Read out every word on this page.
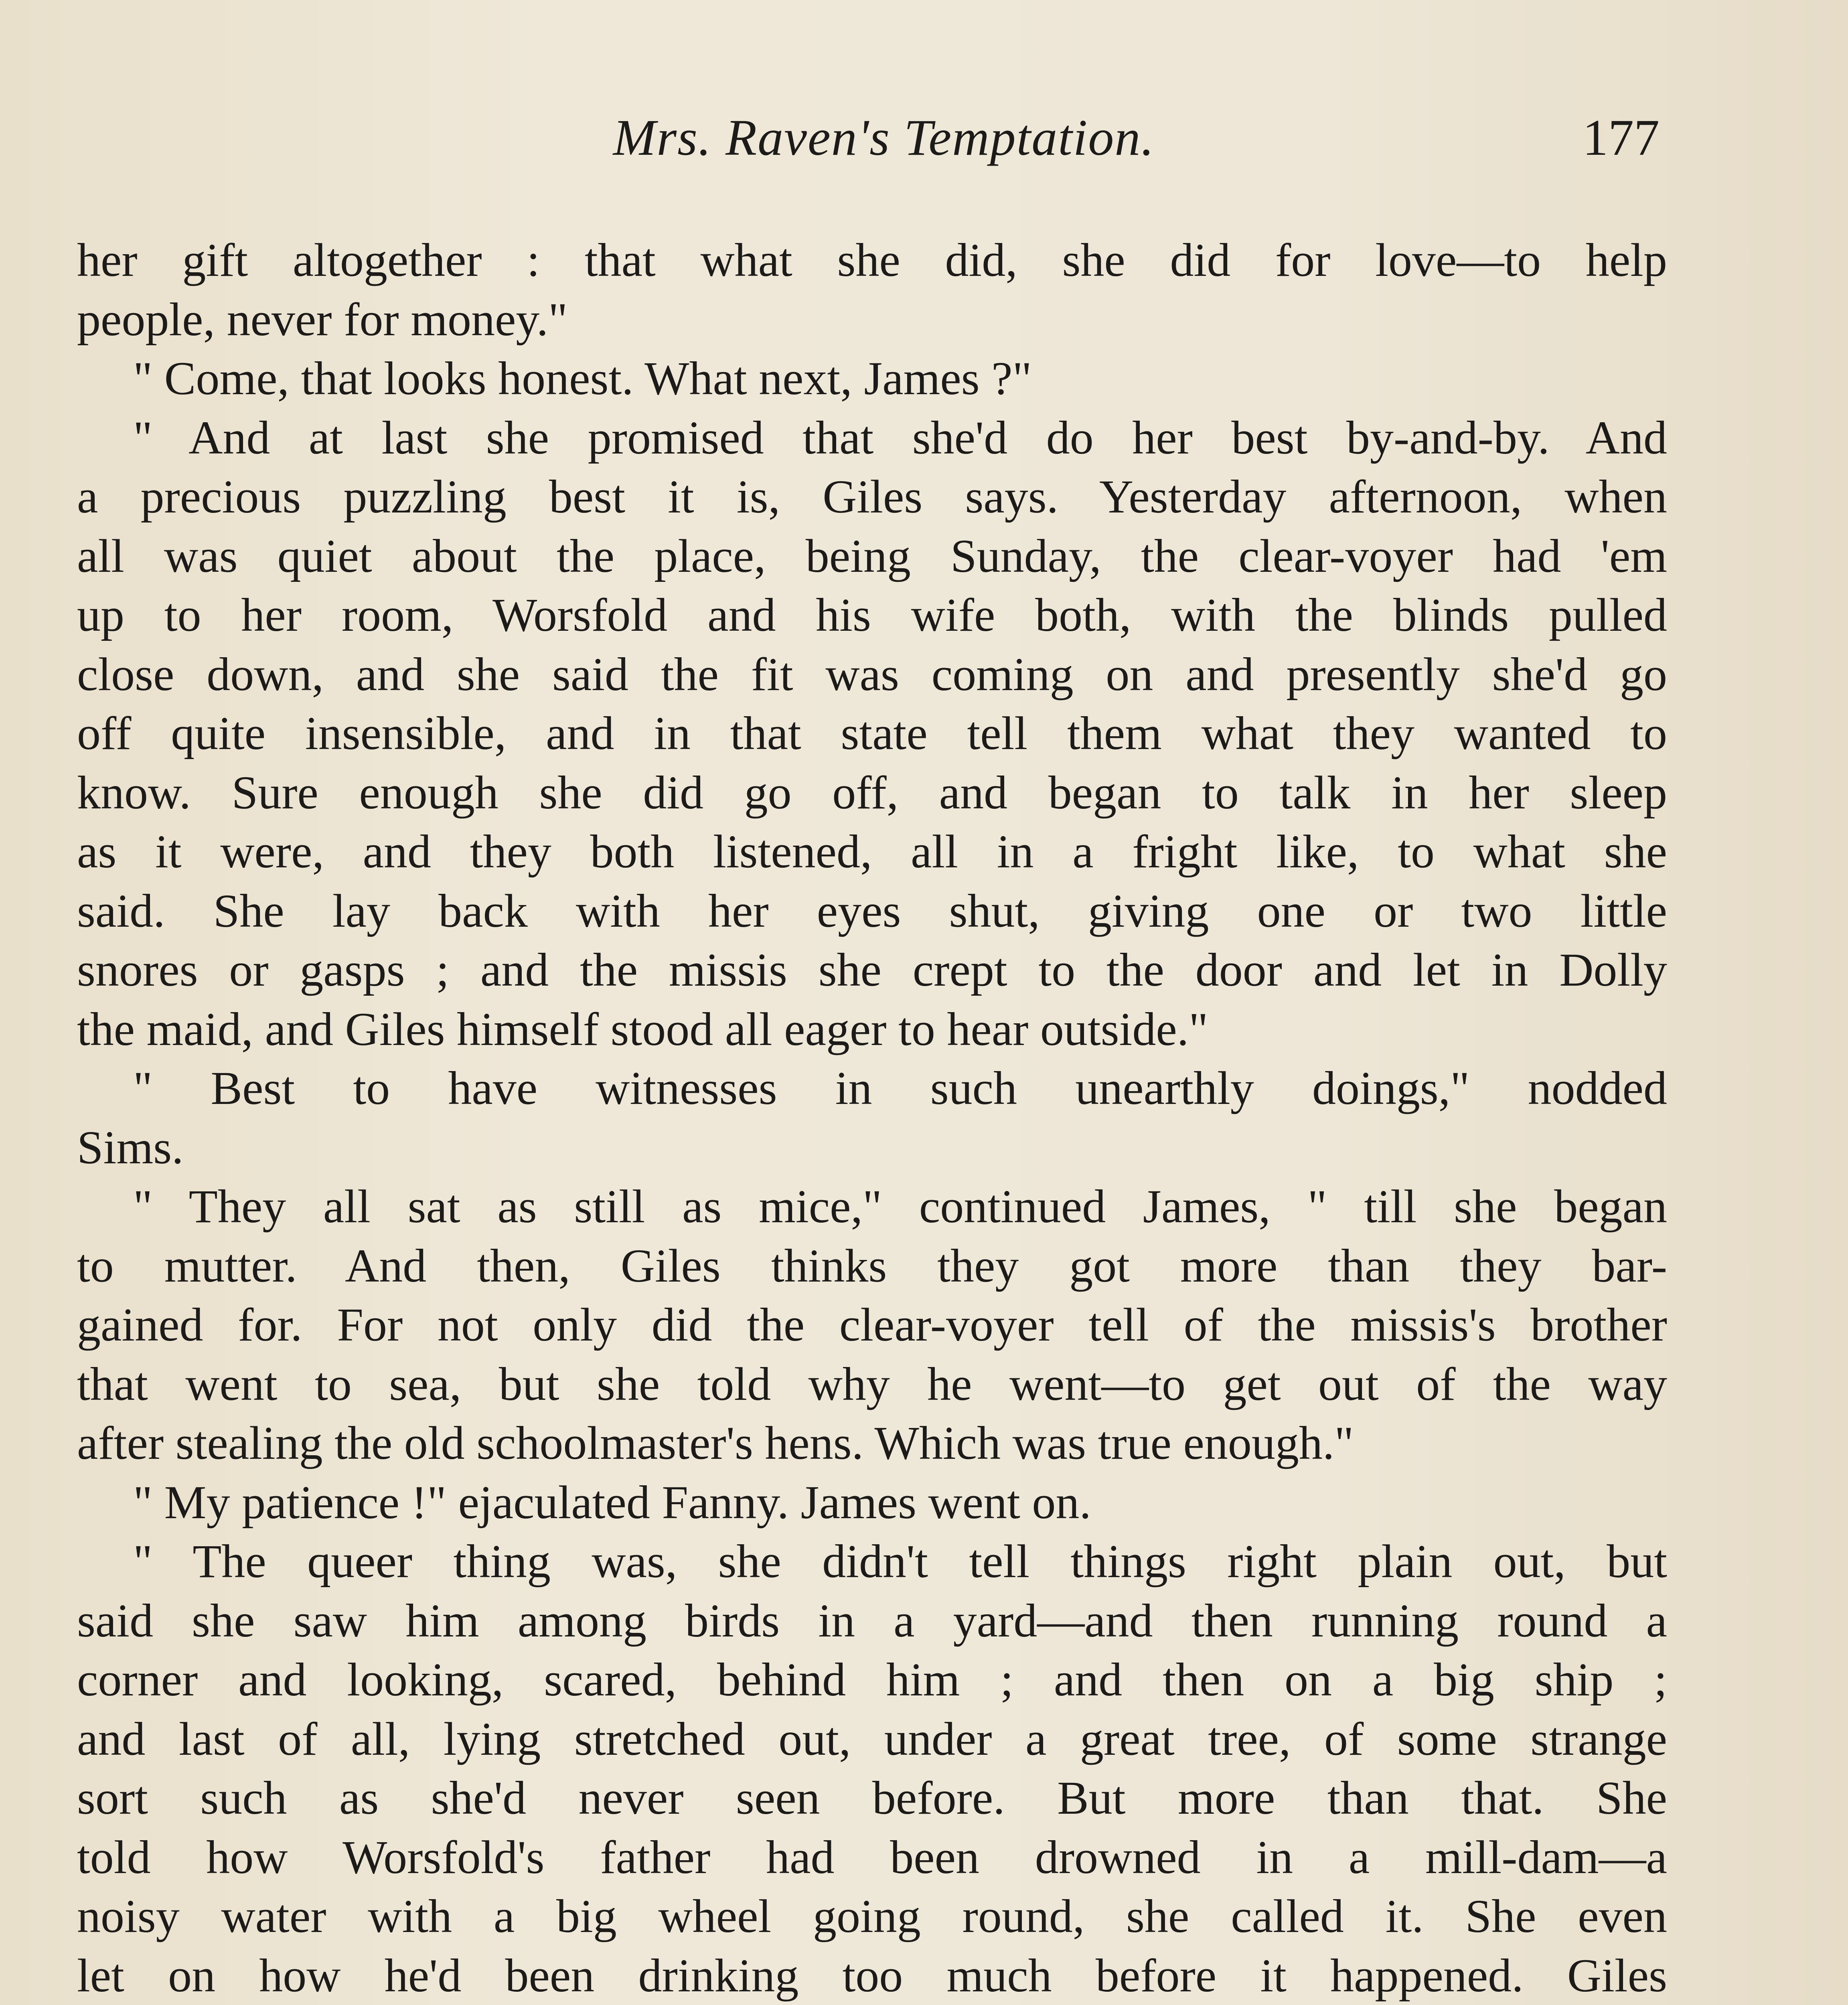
Mrs. Raven's Temptation.	177
her gift altogether : that what she did, she did for love—to help
people, never for money."
" Come, that looks honest. What next, James ?"
" And at last she promised that she'd do her best by-and-by. And
a precious puzzling best it is, Giles says. Yesterday afternoon, when
all was quiet about the place, being Sunday, the clear-voyer had 'em
up to her room, Worsfold and his wife both, with the blinds pulled
close down, and she said the fit was coming on and presently she'd go
off quite insensible, and in that state tell them what they wanted to
know. Sure enough she did go off, and began to talk in her sleep
as it were, and they both listened, all in a fright like, to what she
said. She lay back with her eyes shut, giving one or two little
snores or gasps ; and the missis she crept to the door and let in Dolly
the maid, and Giles himself stood all eager to hear outside."
" Best to have witnesses in such unearthly doings," nodded
Sims.
" They all sat as still as mice," continued James, " till she began
to mutter. And then, Giles thinks they got more than they bar-
gained for. For not only did the clear-voyer tell of the missis's brother
that went to sea, but she told why he went—to get out of the way
after stealing the old schoolmaster's hens. Which was true enough."
" My patience !" ejaculated Fanny. James went on.
" The queer thing was, she didn't tell things right plain out, but
said she saw him among birds in a yard—and then running round a
corner and looking, scared, behind him ; and then on a big ship ;
and last of all, lying stretched out, under a great tree, of some strange
sort such as she'd never seen before. But more than that. She
told how Worsfold's father had been drowned in a mill-dam—a
noisy water with a big wheel going round, she called it. She even
let on how he'd been drinking too much before it happened. Giles
